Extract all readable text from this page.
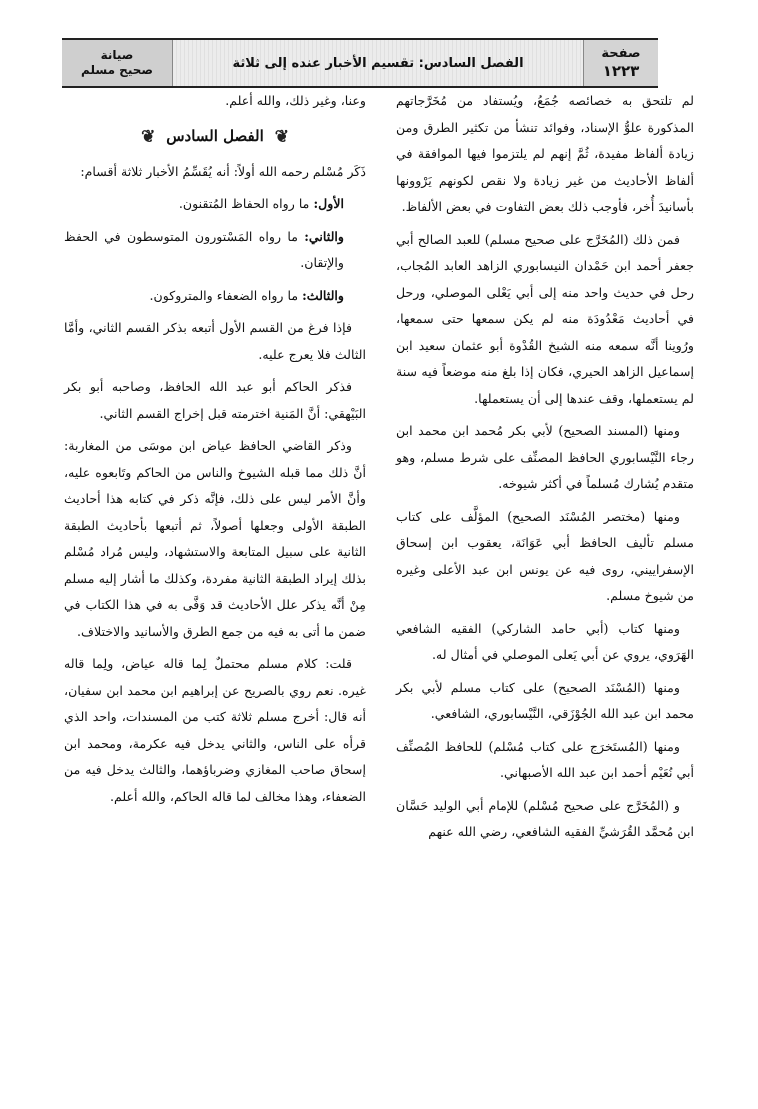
صفحة
١٢٢٣
الفصل السادس: تقسيم الأخبار عنده إلى ثلاثة
صيانة
صحيح مسلم

لم تلتحق به خصائصه جُمَعُ، ويُستفاد من مُخَرَّجاتهم المذكورة علوُّ الإسناد، وفوائد تنشأ من تكثير الطرق ومن زيادة ألفاظ مفيدة، ثُمَّ إنهم لم يلتزموا فيها الموافقة في ألفاظ الأحاديث من غير زيادة ولا نقص لكونهم يَرْوونها بأسانيدَ أُخر، فأوجب ذلك بعض التفاوت في بعض الألفاظ.

فمن ذلك (المُخَرَّج على صحيح مسلم) للعبد الصالح أبي جعفر أحمد ابن حَمْدان النيسابوري الزاهد العابد المُجاب، رحل في حديث واحد منه إلى أبي يَعْلى الموصلي، ورحل في أحاديث مَعْدُودَة منه لم يكن سمعها حتى سمعها، ورُوينا أنَّه سمعه منه الشيخ القُدْوة أبو عثمان سعيد ابن إسماعيل الزاهد الحيري، فكان إذا بلغ منه موضعاً فيه سنة لم يستعملها، وقف عندها إلى أن يستعملها.

ومنها (المسند الصحيح) لأبي بكر مُحمد ابن محمد ابن رجاء النَّيْسابوري الحافظ المصنِّف على شرط مسلم، وهو متقدم يُشارك مُسلماً في أكثر شيوخه.

ومنها (مختصر المُسْنَد الصحيح) المؤلَّف على كتاب مسلم تأليف الحافظ أبي عَوَانَة، يعقوب ابن إسحاق الإسفراييني، روى فيه عن يونس ابن عبد الأعلى وغيره من شيوخ مسلم.

ومنها كتاب (أبي حامد الشاركي) الفقيه الشافعي الهَرَوي، يروي عن أبي يَعلى الموصلي في أمثال له.

ومنها (المُسْنَد الصحيح) على كتاب مسلم لأبي بكر محمد ابن عبد الله الجُوْزَقي، النَّيْسابوري، الشافعي.

ومنها (المُستَخرَج على كتاب مُسْلم) للحافظ المُصنِّف أبي نُعَيْم أحمد ابن عبد الله الأصبهاني.

و (المُخَرَّج على صحيح مُسْلم) للإمام أبي الوليد حَسَّان ابن مُحمَّد القُرَشيِّ الفقيه الشافعي، رضي الله عنهم

وعنا، وغير ذلك، والله أعلم.

❦
الفصل السادس
❦

ذَكَر مُسْلم رحمه الله أولاً: أنه يُقَسِّمُ الأخبار ثلاثة أقسام:

الأول: ما رواه الحفاظ المُتقنون.

والثاني: ما رواه المَسْتورون المتوسطون في الحفظ والإتقان.

والثالث: ما رواه الضعفاء والمتروكون.

فإذا فرغ من القسم الأول أتبعه بذكر القسم الثاني، وأمَّا الثالث فلا يعرج عليه.

فذكر الحاكم أبو عبد الله الحافظ، وصاحبه أبو بكر البَيْهقي: أنَّ المَنية اخترمته قبل إخراج القسم الثاني.

وذكر القاضي الحافظ عياض ابن موسَى من المغاربة: أنَّ ذلك مما قبله الشيوخ والناس من الحاكم وتَابعوه عليه، وأنَّ الأمر ليس على ذلك، فإنَّه ذكر في كتابه هذا أحاديث الطبقة الأولى وجعلها أصولاً، ثم أتبعها بأحاديث الطبقة الثانية على سبيل المتابعة والاستشهاد، وليس مُراد مُسْلم بذلك إيراد الطبقة الثانية مفردة، وكذلك ما أشار إليه مسلم مِنْ أنَّه يذكر علل الأحاديث قد وَفَّى به في هذا الكتاب في ضمن ما أتى به فيه من جمع الطرق والأسانيد والاختلاف.

قلت: كلام مسلم محتملٌ لِما قاله عياض، ولِما قاله غيره. نعم روي بالصريح عن إبراهيم ابن محمد ابن سفيان، أنه قال: أخرج مسلم ثلاثة كتب من المسندات، واحد الذي قرأه على الناس، والثاني يدخل فيه عكرمة، ومحمد ابن إسحاق صاحب المغازي وضرباؤهما، والثالث يدخل فيه من الضعفاء، وهذا مخالف لما قاله الحاكم، والله أعلم.
